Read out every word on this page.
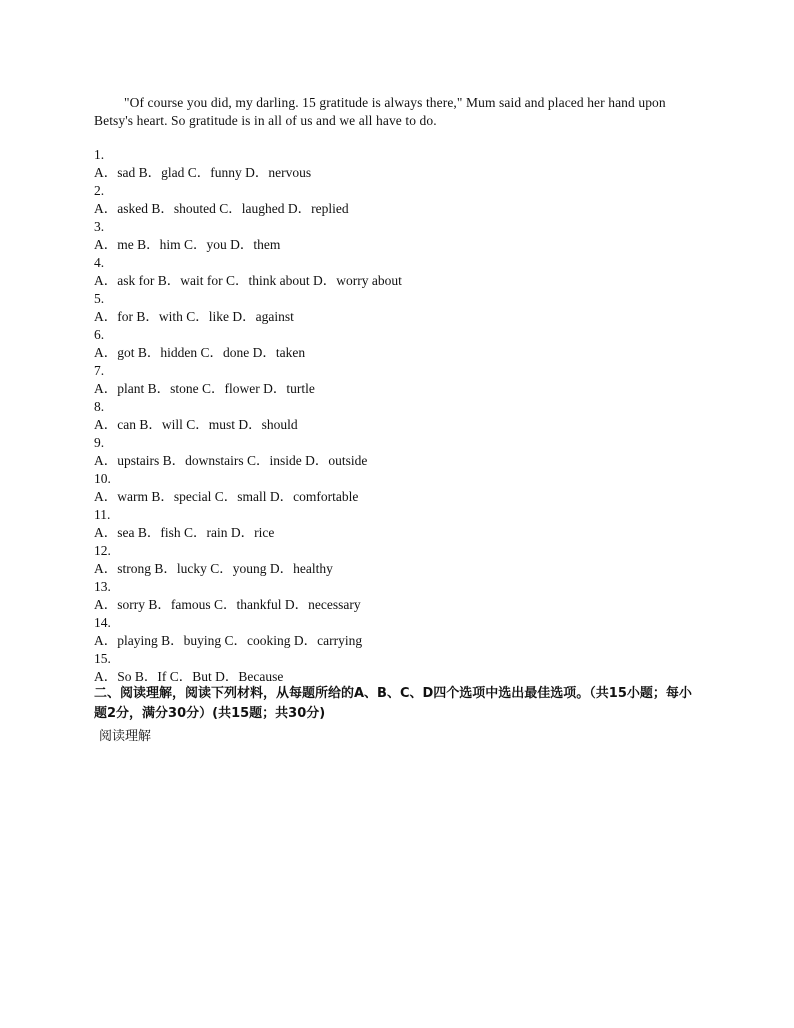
"Of course you did, my darling. 15 gratitude is always there," Mum said and placed her hand upon Betsy's heart. So gratitude is in all of us and we all have to do.

1.
A．sad B．glad C．funny D．nervous
2.
A．asked B．shouted C．laughed D．replied
3.
A．me B．him C．you D．them
4.
A．ask for B．wait for C．think about D．worry about
5.
A．for B．with C．like D．against
6.
A．got B．hidden C．done D．taken
7.
A．plant B．stone C．flower D．turtle
8.
A．can B．will C．must D．should
9.
A．upstairs B．downstairs C．inside D．outside
10.
A．warm B．special C．small D．comfortable
11.
A．sea B．fish C．rain D．rice
12.
A．strong B．lucky C．young D．healthy
13.
A．sorry B．famous C．thankful D．necessary
14.
A．playing B．buying C．cooking D．carrying
15.
A．So B．If C．But D．Because
二、阅读理解，阅读下列材料，从每题所给的A、B、C、D四个选项中选出最佳选项。（共15小题；每小题2分，满分30分）(共15题；共30分)
阅读理解
